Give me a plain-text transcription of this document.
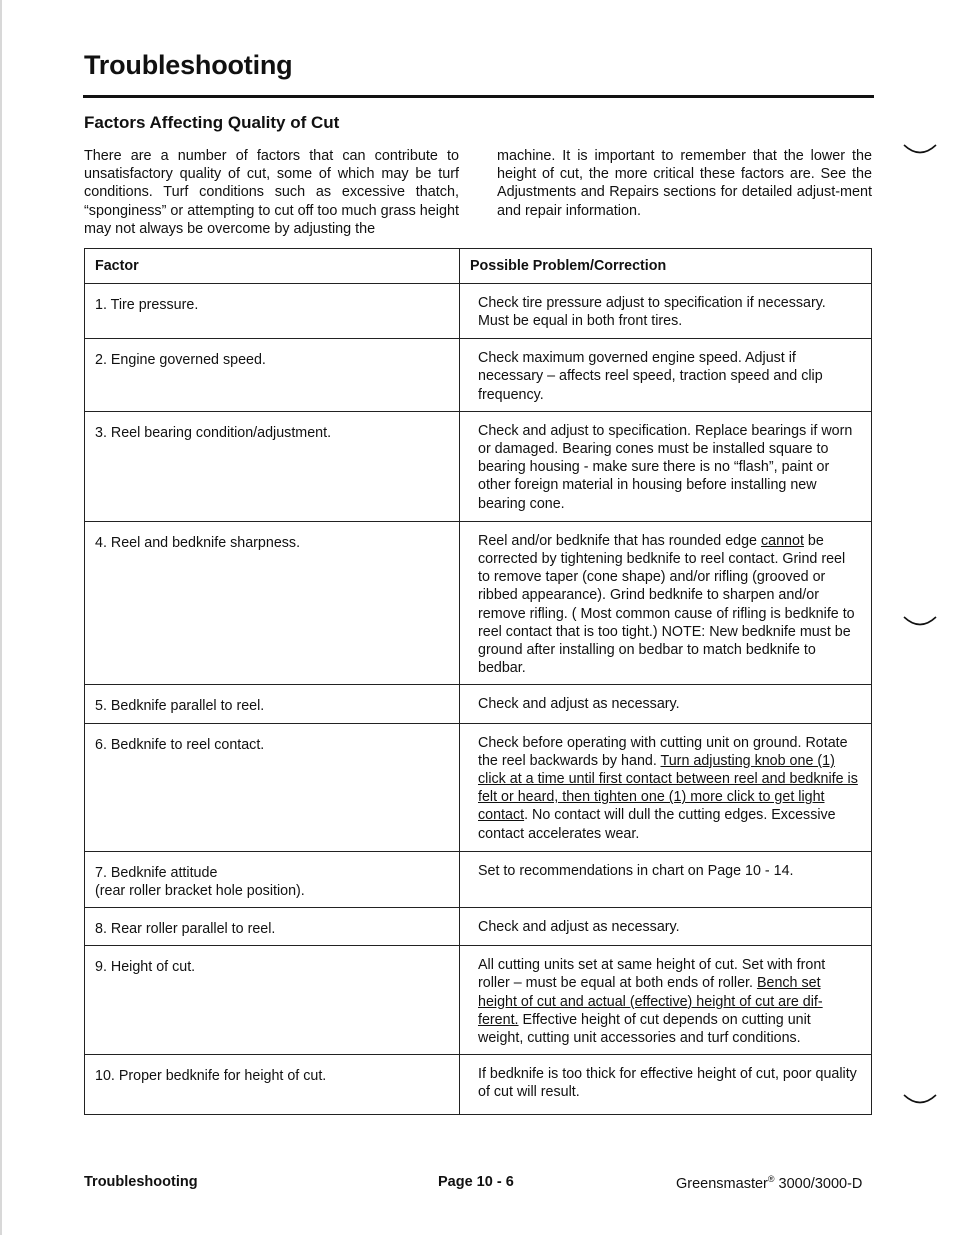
Troubleshooting
Factors Affecting Quality of Cut
There are a number of factors that can contribute to unsatisfactory quality of cut, some of which may be turf conditions. Turf conditions such as excessive thatch, “sponginess” or attempting to cut off too much grass height may not always be overcome by adjusting the
machine. It is important to remember that the lower the height of cut, the more critical these factors are. See the Adjustments and Repairs sections for detailed adjust-ment and repair information.
Factor	Possible Problem/Correction
1. Tire pressure.	Check tire pressure adjust to specification if necessary. Must be equal in both front tires.
2. Engine governed speed.	Check maximum governed engine speed. Adjust if necessary – affects reel speed, traction speed and clip frequency.
3. Reel bearing condition/adjustment.	Check and adjust to specification. Replace bearings if worn or damaged. Bearing cones must be installed square to bearing housing - make sure there is no “flash”, paint or other foreign material in housing before installing new bearing cone.
4. Reel and bedknife sharpness.	Reel and/or bedknife that has rounded edge cannot be corrected by tightening bedknife to reel contact. Grind reel to remove taper (cone shape) and/or rifling (grooved or ribbed appearance). Grind bedknife to sharpen and/or remove rifling. ( Most common cause of rifling is bedknife to reel contact that is too tight.) NOTE: New bedknife must be ground after installing on bedbar to match bedknife to bedbar.
5. Bedknife parallel to reel.	Check and adjust as necessary.
6. Bedknife to reel contact.	Check before operating with cutting unit on ground. Rotate the reel backwards by hand. Turn adjusting knob one (1) click at a time until first contact between reel and bedknife is felt or heard, then tighten one (1) more click to get light contact. No contact will dull the cutting edges. Excessive contact accelerates wear.

7. Bedknife attitude
(rear roller bracket hole position).	Set to recommendations in chart on Page 10 - 14.
8. Rear roller parallel to reel.	Check and adjust as necessary.
9. Height of cut.	All cutting units set at same height of cut. Set with front roller – must be equal at both ends of roller. Bench set height of cut and actual (effective) height of cut are dif-ferent. Effective height of cut depends on cutting unit weight, cutting unit accessories and turf conditions.
10. Proper bedknife for height of cut.	If bedknife is too thick for effective height of cut, poor quality of cut will result.
Troubleshooting	Page 10 - 6	Greensmaster® 3000/3000-D
